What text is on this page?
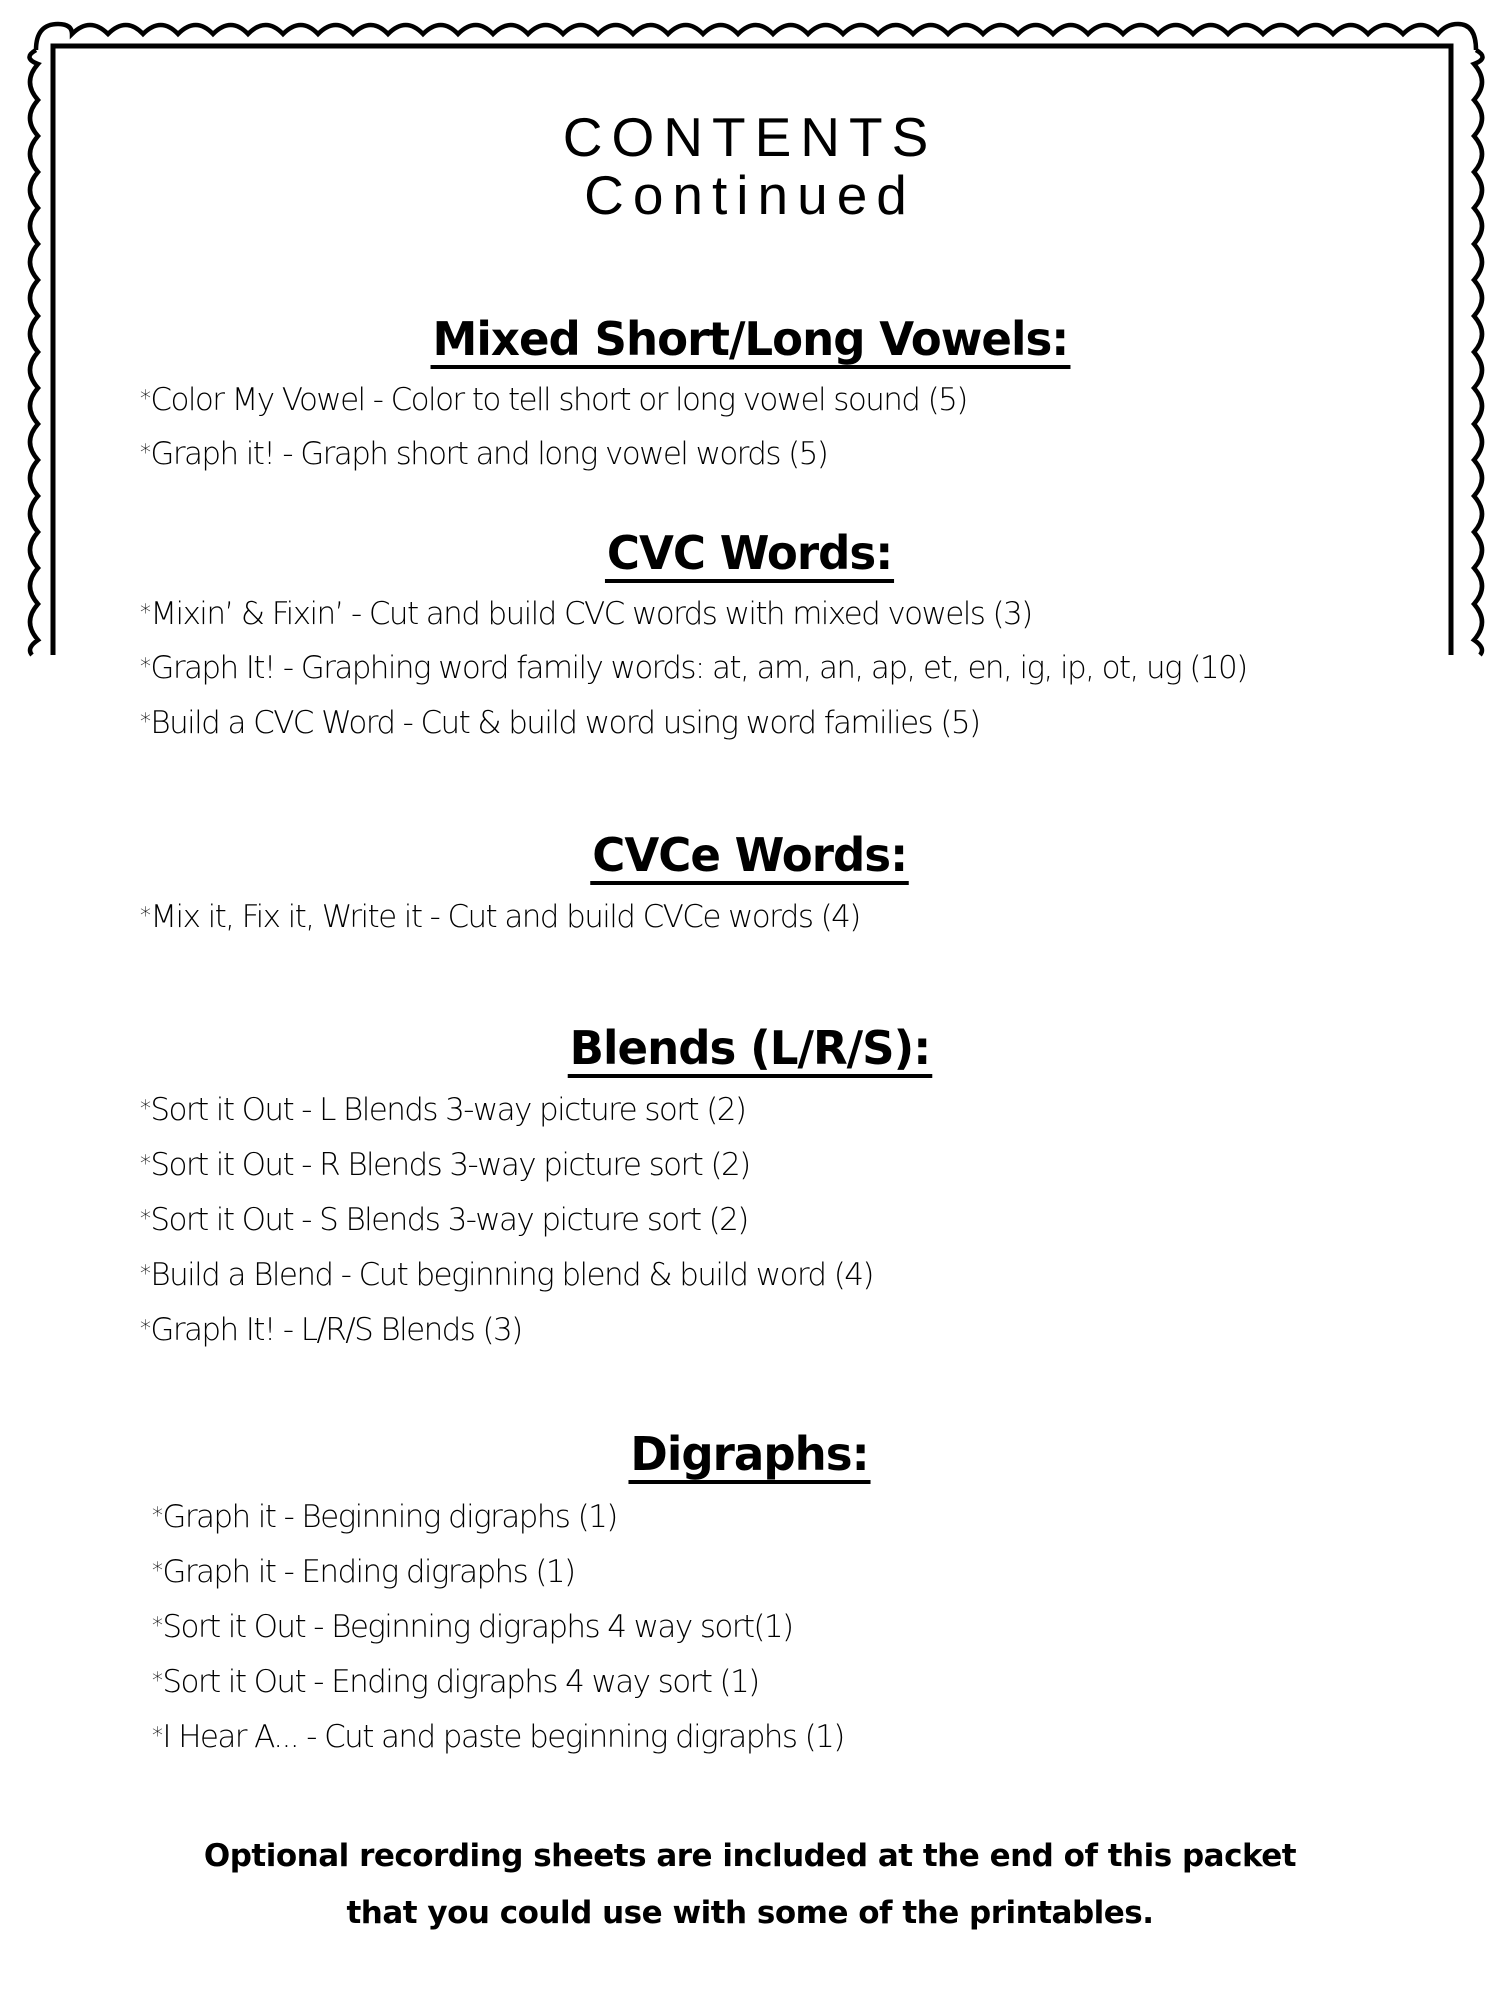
CONTENTS
Continued
Mixed Short/Long Vowels:
*Color My Vowel - Color to tell short or long vowel sound (5)
*Graph it! - Graph short and long vowel words (5)
CVC Words:
*Mixin’ & Fixin’ - Cut and build CVC words with mixed vowels (3)
*Graph It! - Graphing word family words: at, am, an, ap, et, en, ig, ip, ot, ug (10)
*Build a CVC Word - Cut & build word using word families (5)
CVCe Words:
*Mix it, Fix it, Write it - Cut and build CVCe words (4)
Blends (L/R/S):
*Sort it Out - L Blends 3-way picture sort (2)
*Sort it Out - R Blends 3-way picture sort (2)
*Sort it Out - S Blends 3-way picture sort (2)
*Build a Blend - Cut beginning blend & build word (4)
*Graph It! - L/R/S Blends (3)
Digraphs:
*Graph it - Beginning digraphs (1)
*Graph it - Ending digraphs (1)
*Sort it Out - Beginning digraphs 4 way sort(1)
*Sort it Out - Ending digraphs 4 way sort (1)
*I Hear A... - Cut and paste beginning digraphs (1)
Optional recording sheets are included at the end of this packet
that you could use with some of the printables.
